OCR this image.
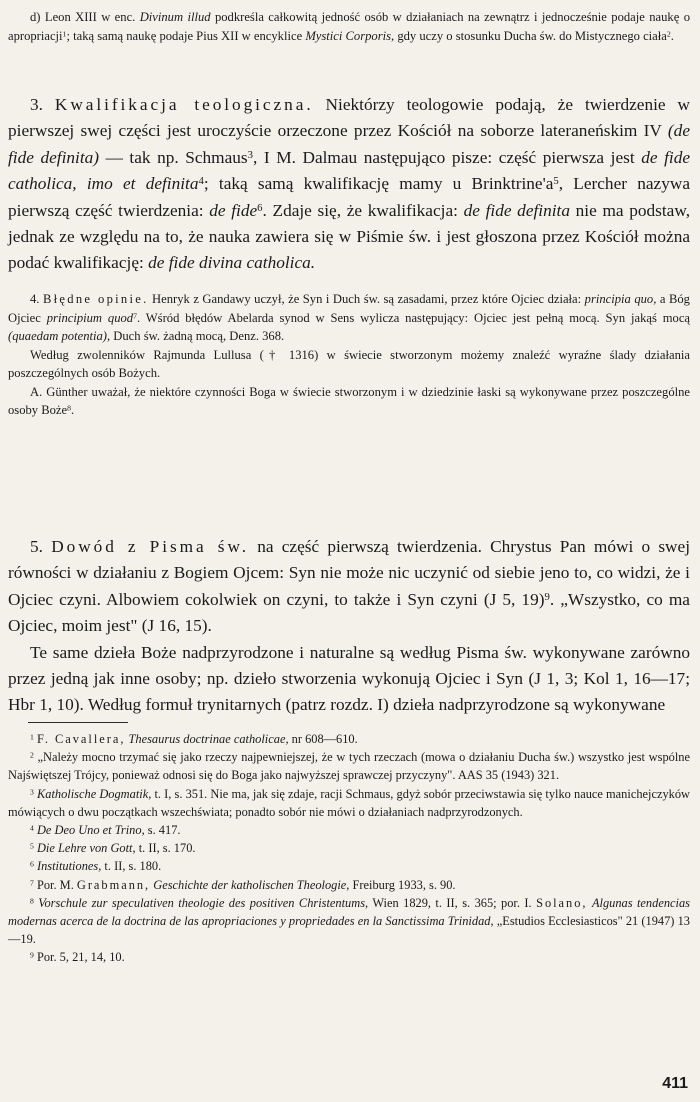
d) Leon XIII w enc. Divinum illud podkreśla całkowitą jedność osób w działaniach na zewnątrz i jednocześnie podaje naukę o apropriacji$^1$; taką samą naukę podaje Pius XII w encyklice Mystici Corporis, gdy uczy o stosunku Ducha św. do Mistycznego ciała$^2$.

3. Kwalifikacja teologiczna. Niektórzy teologowie podają, że twierdzenie w pierwszej swej części jest uroczyście orzeczone przez Kościół na soborze lateraneńskim IV (de fide definita) — tak np. Schmaus$^3$, I M. Dalmau następująco pisze: część pierwsza jest de fide catholica, imo et definita$^4$; taką samą kwalifikację mamy u $Brinktrine'a^5$, Lercher nazywa pierwszą część twierdzenia: de fide$^6$. Zdaje się, że kwalifikacja: de fide definita nie ma podstaw, jednak ze względu na to, że nauka zawiera się w Piśmie św. i jest głoszona przez Kościół można podać kwalifikację: de fide divina catholica.

4. Błędne opinie. Henryk z Gandawy uczył, że Syn i Duch św. są zasadami, przez które Ojciec działa: principia quo, a Bóg Ojciec principium quod$^7$. Wśród błędów Abelarda synod w Sens wylicza następujący: Ojciec jest pełną mocą. Syn jakąś mocą (quaedam potentia), Duch św. żadną mocą, Denz. 368.

Według zwolenników Rajmunda Lullusa († 1316) w świecie stworzonym możemy znaleźć wyraźne ślady działania poszczególnych osób Bożych.

A. Günther uważał, że niektóre czynności Boga w świecie stworzonym i w dziedzinie łaski są wykonywane przez poszczególne osoby Boże$^8$.

5. Dowód z Pisma św. na część pierwszą twierdzenia. Chrystus Pan mówi o swej równości w działaniu z Bogiem Ojcem: Syn nie może nic uczynić od siebie jeno to, co widzi, że i Ojciec czyni. Albowiem cokolwiek on czyni, to także i Syn czyni (J 5, 19)$^9$. „Wszystko, co ma Ojciec, moim jest" (J 16, 15).

Te same dzieła Boże nadprzyrodzone i naturalne są według Pisma św. wykonywane zarówno przez jedną jak inne osoby; np. dzieło stworzenia wykonują Ojciec i Syn (J 1, 3; Kol 1, 16—17; Hbr 1, 10). Według formuł trynitarnych (patrz rozdz. I) dzieła nadprzyrodzone są wykonywane

$^1$ F. Cavallera, Thesaurus doctrinae catholicae, nr 608—610.

$^2$ „Należy mocno trzymać się jako rzeczy najpewniejszej, że w tych rzeczach (mowa o działaniu Ducha św.) wszystko jest wspólne Najświętszej Trójcy, ponieważ odnosi się do Boga jako najwyższej sprawczej przyczyny". AAS 35 (1943) 321.

$^3$ Katholische Dogmatik, t. I, s. 351. Nie ma, jak się zdaje, racji Schmaus, gdyż sobór przeciwstawia się tylko nauce manichejczyków mówiących o dwu początkach wszechświata; ponadto sobór nie mówi o działaniach nadprzyrodzonych.

$^4$ De Deo Uno et Trino, s. 417.

$^5$ Die Lehre von Gott, t. II, s. 170.

$^6$ Institutiones, t. II, s. 180.

$^7$ Por. M. Grabmann, Geschichte der katholischen Theologie, Freiburg 1933, s. 90.

$^8$ Vorschule zur speculativen theologie des positiven Christentums, Wien 1829, t. II, s. 365; por. I. Solano, Algunas tendencias modernas acerca de la doctrina de las apropriaciones y propriedades en la Sanctissima Trinidad, „Estudios Ecclesiasticos" 21 (1947) 13—19.

$^9$ Por. 5, 21, 14, 10.

411
